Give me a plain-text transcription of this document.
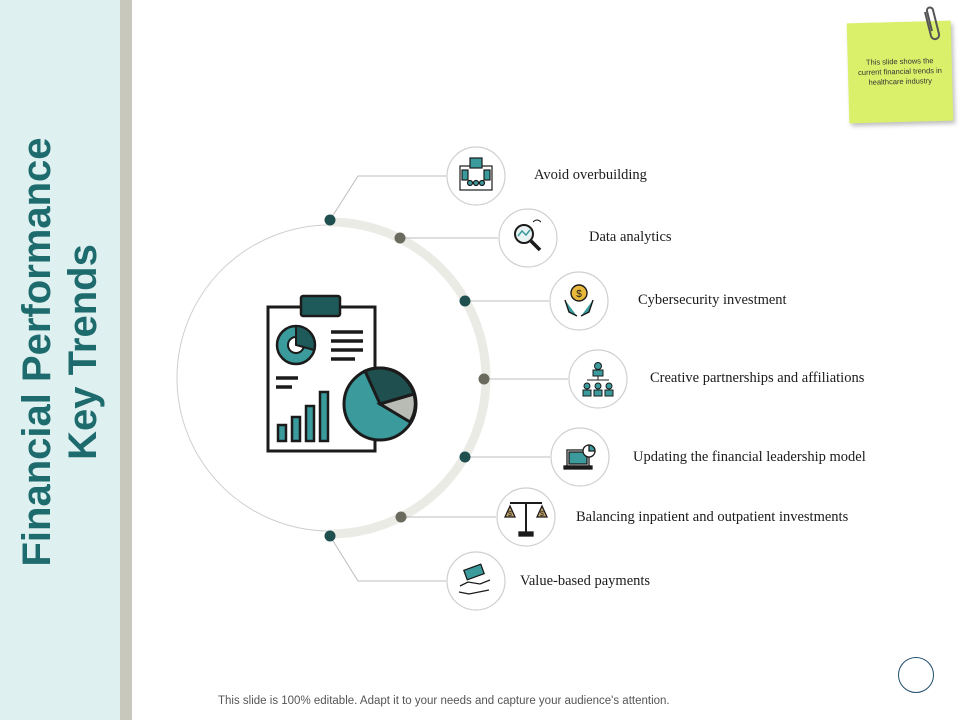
Financial Performance Key Trends	$
$	$
Avoid overbuilding
Data analytics
Cybersecurity investment
Creative partnerships and affiliations
Updating the financial leadership model
Balancing inpatient and outpatient investments
Value-based payments
This slide shows the current financial trends in healthcare industry
This slide is 100% editable. Adapt it to your needs and capture your audience's attention.
